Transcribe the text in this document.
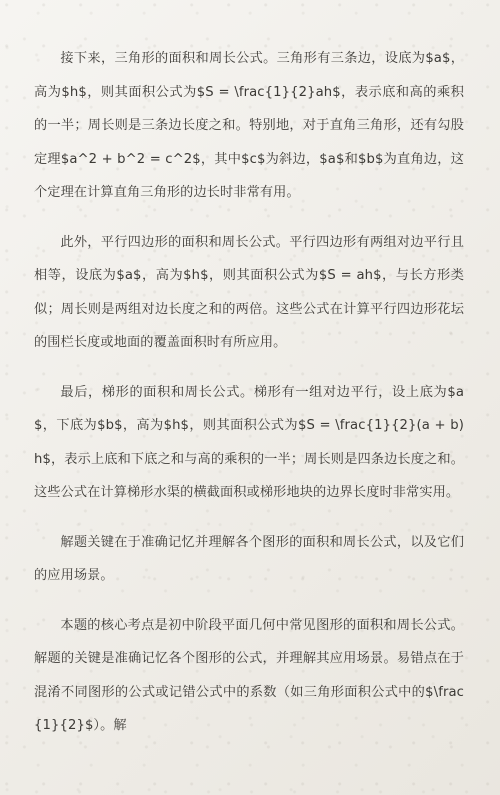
接下来，三角形的面积和周长公式。三角形有三条边，设底为$a$，高为$h$，则其面积公式为$S = \frac{1}{2}ah$，表示底和高的乘积的一半；周长则是三条边长度之和。特别地，对于直角三角形，还有勾股定理$a^2 + b^2 = c^2$，其中$c$为斜边，$a$和$b$为直角边，这个定理在计算直角三角形的边长时非常有用。

此外，平行四边形的面积和周长公式。平行四边形有两组对边平行且相等，设底为$a$，高为$h$，则其面积公式为$S = ah$，与长方形类似；周长则是两组对边长度之和的两倍。这些公式在计算平行四边形花坛的围栏长度或地面的覆盖面积时有所应用。

最后，梯形的面积和周长公式。梯形有一组对边平行，设上底为$a$，下底为$b$，高为$h$，则其面积公式为$S = \frac{1}{2}(a + b)h$，表示上底和下底之和与高的乘积的一半；周长则是四条边长度之和。这些公式在计算梯形水渠的横截面积或梯形地块的边界长度时非常实用。

解题关键在于准确记忆并理解各个图形的面积和周长公式，以及它们的应用场景。

本题的核心考点是初中阶段平面几何中常见图形的面积和周长公式。解题的关键是准确记忆各个图形的公式，并理解其应用场景。易错点在于混淆不同图形的公式或记错公式中的系数（如三角形面积公式中的$\frac{1}{2}$）。解
